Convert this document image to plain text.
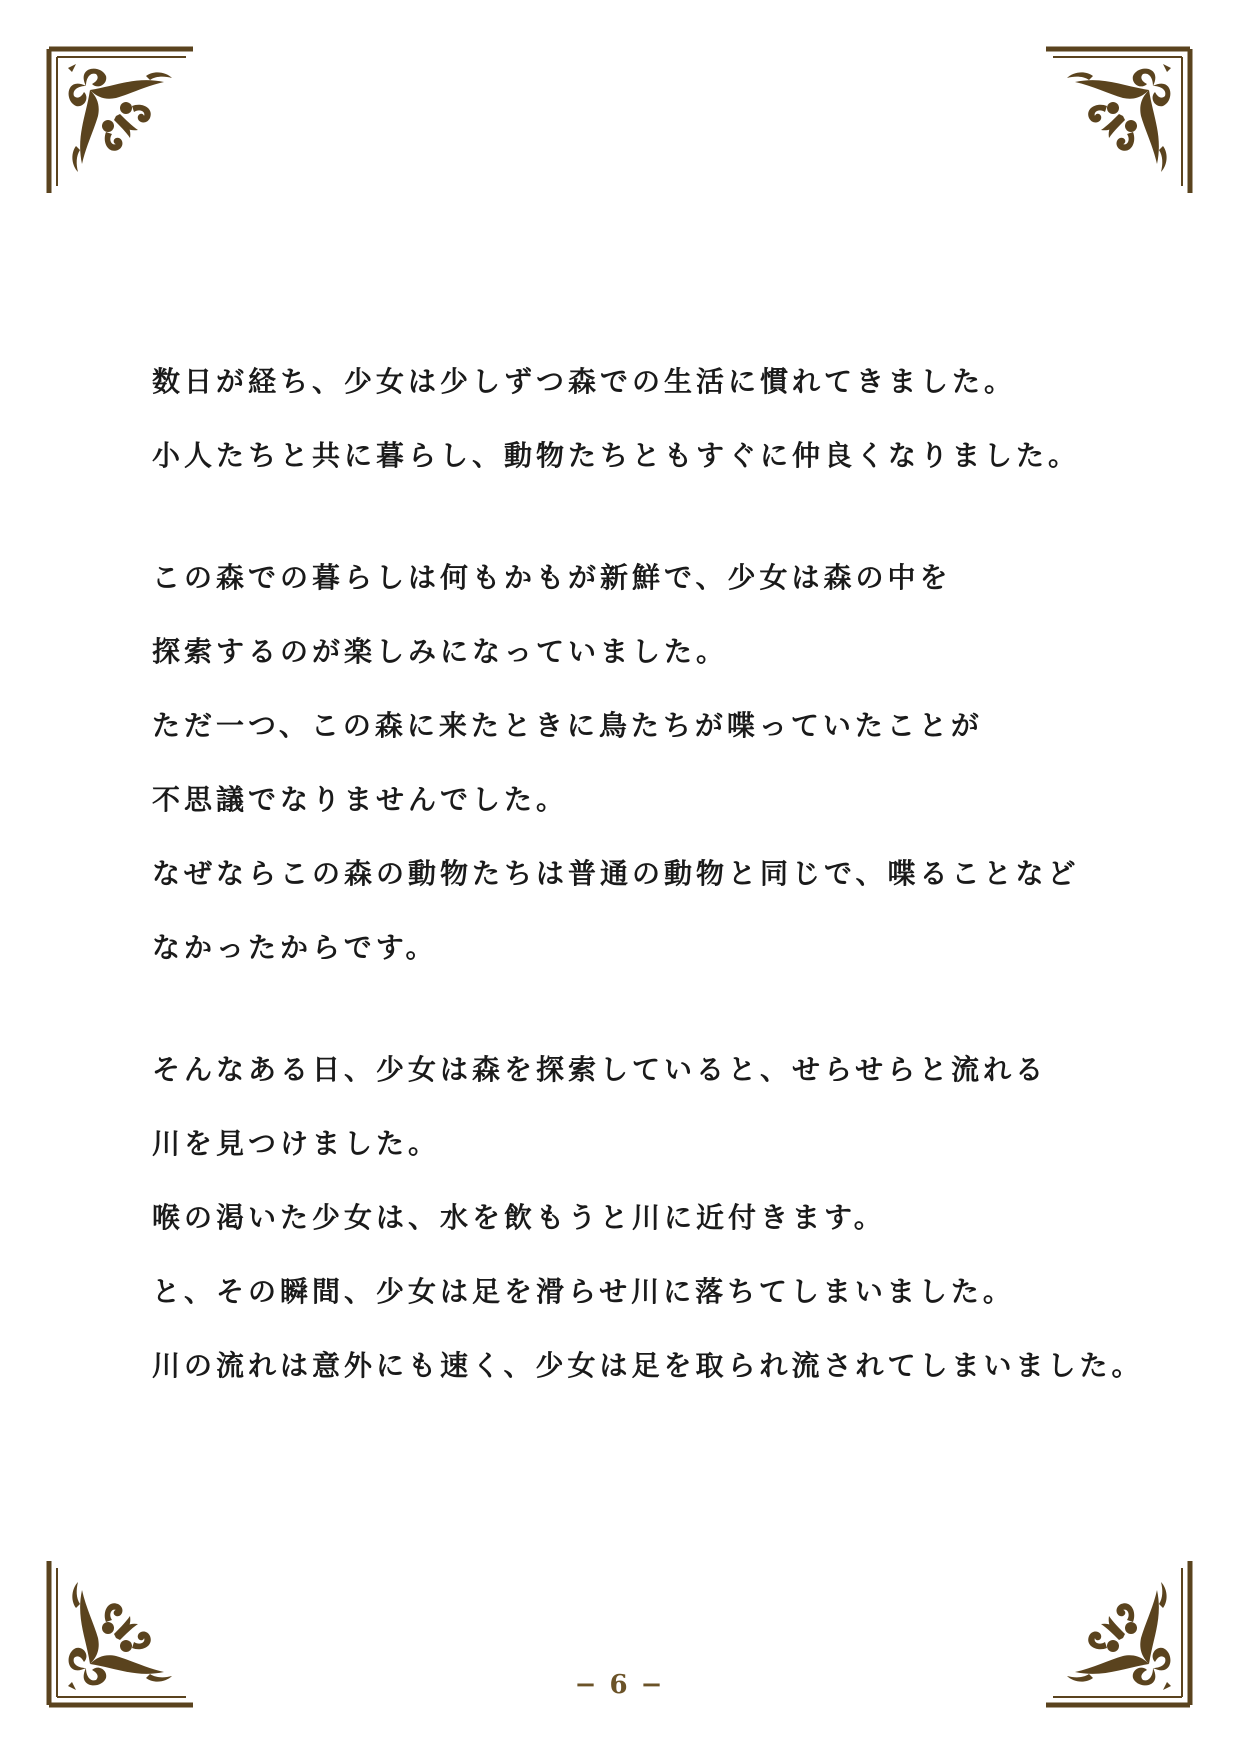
数日が経ち、少女は少しずつ森での生活に慣れてきました。
小人たちと共に暮らし、動物たちともすぐに仲良くなりました。
この森での暮らしは何もかもが新鮮で、少女は森の中を
探索するのが楽しみになっていました。
ただ一つ、この森に来たときに鳥たちが喋っていたことが
不思議でなりませんでした。
なぜならこの森の動物たちは普通の動物と同じで、喋ることなど
なかったからです。
そんなある日、少女は森を探索していると、せらせらと流れる
川を見つけました。
喉の渇いた少女は、水を飲もうと川に近付きます。
と、その瞬間、少女は足を滑らせ川に落ちてしまいました。
川の流れは意外にも速く、少女は足を取られ流されてしまいました。
− 6 −
